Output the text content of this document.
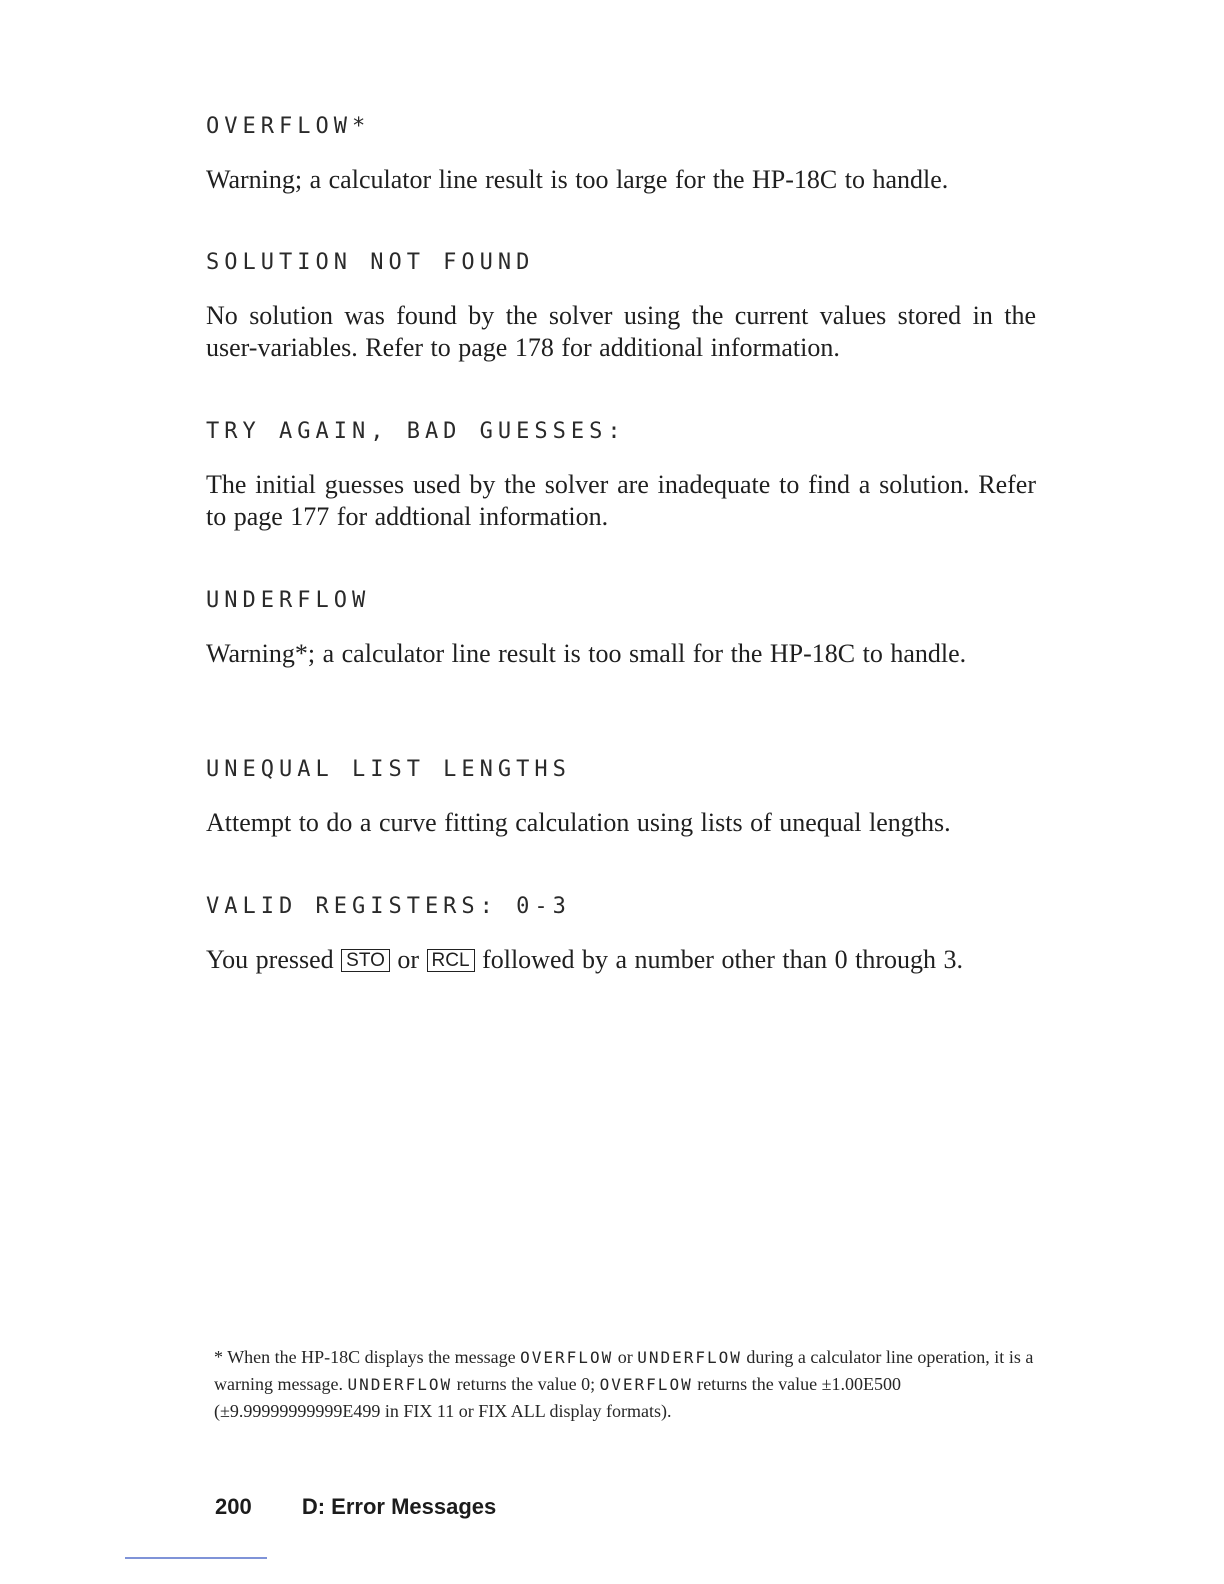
OVERFLOW*

Warning; a calculator line result is too large for the HP-18C to handle.

SOLUTION NOT FOUND

No solution was found by the solver using the current values stored in the user-variables. Refer to page 178 for additional information.

TRY AGAIN, BAD GUESSES:

The initial guesses used by the solver are inadequate to find a solution. Refer to page 177 for addtional information.

UNDERFLOW

Warning*; a calculator line result is too small for the HP-18C to handle.

UNEQUAL LIST LENGTHS

Attempt to do a curve fitting calculation using lists of unequal lengths.

VALID REGISTERS: 0-3

You pressed STO or RCL followed by a number other than 0 through 3.

* When the HP-18C displays the message OVERFLOW or UNDERFLOW during a calculator line operation, it is a warning message. UNDERFLOW returns the value 0; OVERFLOW returns the value ±1.00E500 (±9.99999999999E499 in FIX 11 or FIX ALL display formats).
200 D: Error Messages
